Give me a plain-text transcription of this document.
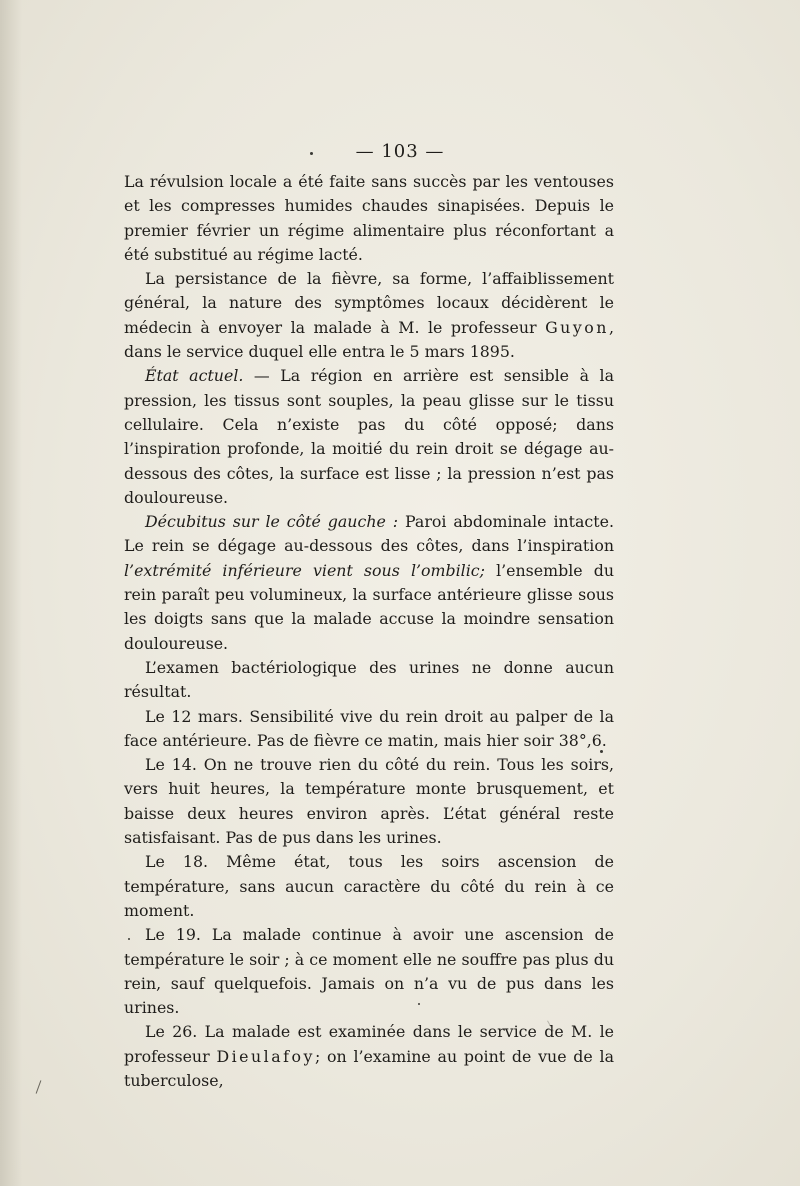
— 103 —

La révulsion locale a été faite sans succès par les ventouses et les compresses humides chaudes sinapisées. Depuis le premier février un régime alimentaire plus réconfortant a été substitué au régime lacté.

La persistance de la fièvre, sa forme, l’affaiblissement général, la nature des symptômes locaux décidèrent le médecin à envoyer la malade à M. le professeur Guyon, dans le service duquel elle entra le 5 mars 1895.

État actuel. — La région en arrière est sensible à la pression, les tissus sont souples, la peau glisse sur le tissu cellulaire. Cela n’existe pas du côté opposé; dans l’inspiration profonde, la moitié du rein droit se dégage au-dessous des côtes, la surface est lisse ; la pression n’est pas douloureuse.

Décubitus sur le côté gauche : Paroi abdominale intacte. Le rein se dégage au-dessous des côtes, dans l’inspiration l’extrémité inférieure vient sous l’ombilic; l’ensemble du rein paraît peu volumineux, la surface antérieure glisse sous les doigts sans que la malade accuse la moindre sensation douloureuse.

L’examen bactériologique des urines ne donne aucun résultat.

Le 12 mars. Sensibilité vive du rein droit au palper de la face antérieure. Pas de fièvre ce matin, mais hier soir 38°,6.

Le 14. On ne trouve rien du côté du rein. Tous les soirs, vers huit heures, la température monte brusquement, et baisse deux heures environ après. L’état général reste satisfaisant. Pas de pus dans les urines.

Le 18. Même état, tous les soirs ascension de température, sans aucun caractère du côté du rein à ce moment.

Le 19. La malade continue à avoir une ascension de température le soir ; à ce moment elle ne souffre pas plus du rein, sauf quelquefois. Jamais on n’a vu de pus dans les urines.

Le 26. La malade est examinée dans le service de M. le professeur Dieulafoy; on l’examine au point de vue de la tuberculose,
